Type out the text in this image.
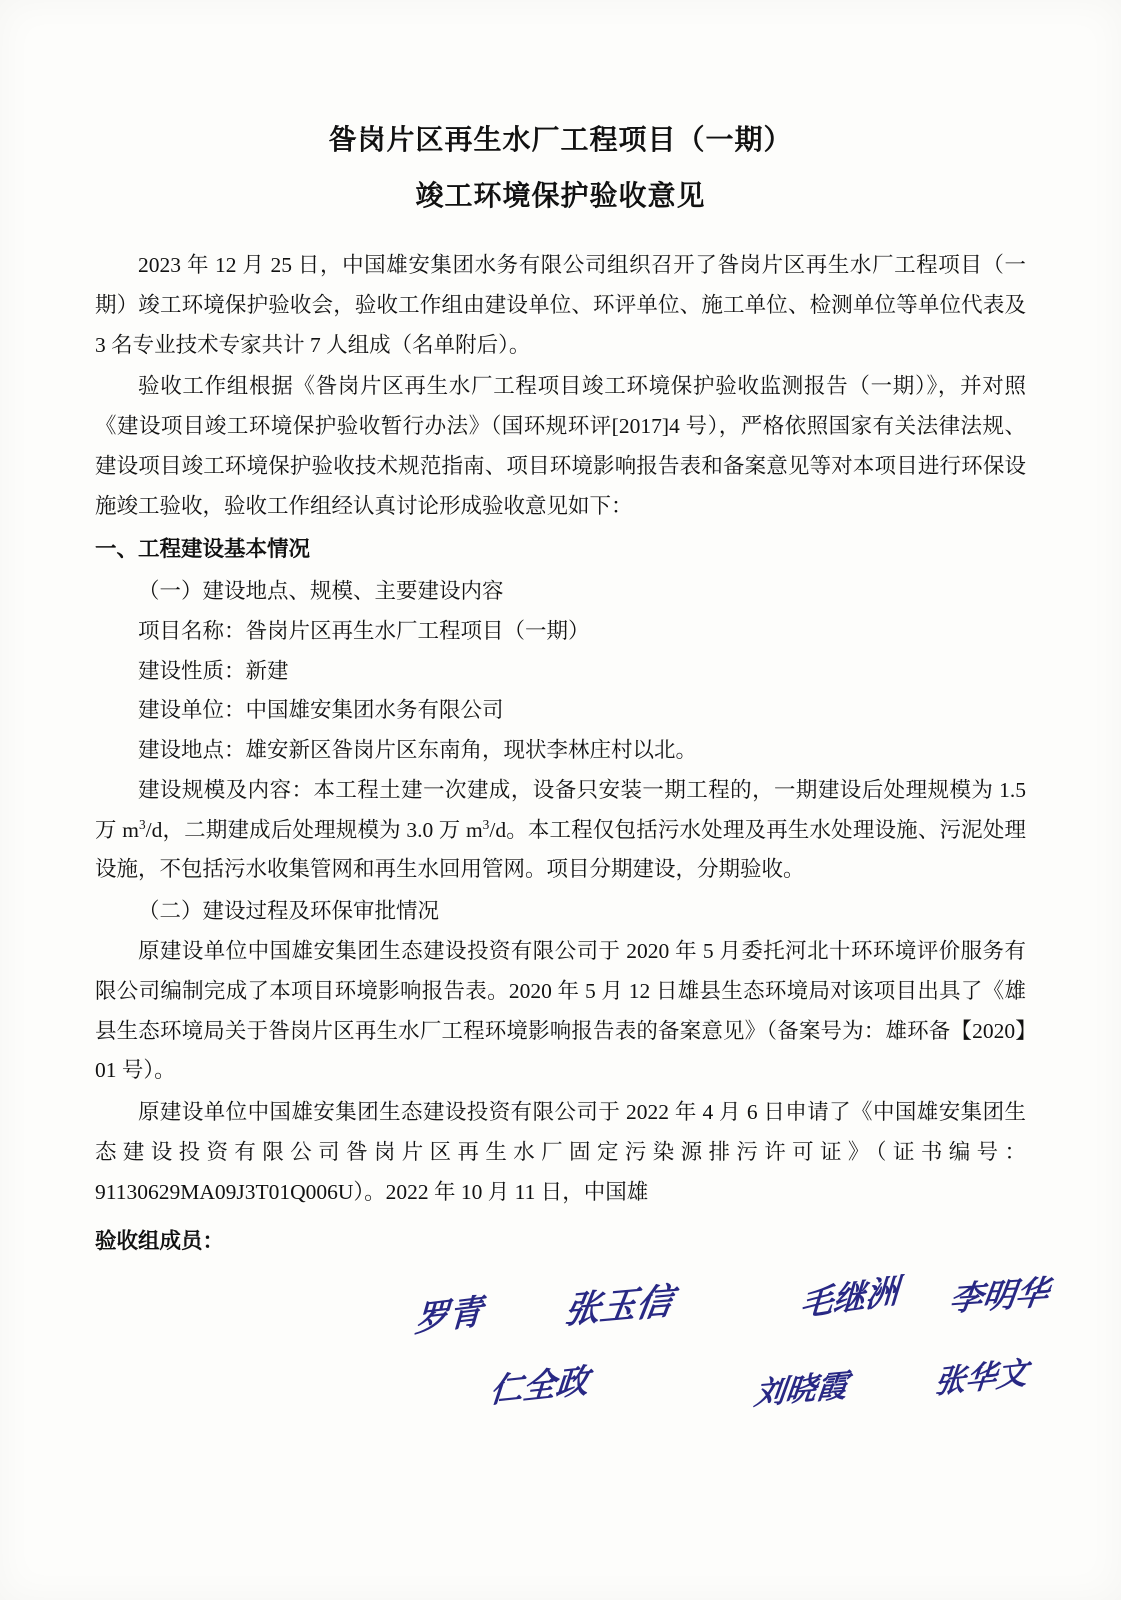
昝岗片区再生水厂工程项目（一期）
竣工环境保护验收意见

2023 年 12 月 25 日，中国雄安集团水务有限公司组织召开了昝岗片区再生水厂工程项目（一期）竣工环境保护验收会，验收工作组由建设单位、环评单位、施工单位、检测单位等单位代表及 3 名专业技术专家共计 7 人组成（名单附后）。

验收工作组根据《昝岗片区再生水厂工程项目竣工环境保护验收监测报告（一期）》，并对照《建设项目竣工环境保护验收暂行办法》（国环规环评[2017]4 号），严格依照国家有关法律法规、建设项目竣工环境保护验收技术规范指南、项目环境影响报告表和备案意见等对本项目进行环保设施竣工验收，验收工作组经认真讨论形成验收意见如下：

一、工程建设基本情况

（一）建设地点、规模、主要建设内容

项目名称：昝岗片区再生水厂工程项目（一期）

建设性质：新建

建设单位：中国雄安集团水务有限公司

建设地点：雄安新区昝岗片区东南角，现状李林庄村以北。

建设规模及内容：本工程土建一次建成，设备只安装一期工程的，一期建设后处理规模为 1.5 万 $m^3/d$，二期建成后处理规模为 3.0 万 $m^3/d$。本工程仅包括污水处理及再生水处理设施、污泥处理设施，不包括污水收集管网和再生水回用管网。项目分期建设，分期验收。

（二）建设过程及环保审批情况

原建设单位中国雄安集团生态建设投资有限公司于 2020 年 5 月委托河北十环环境评价服务有限公司编制完成了本项目环境影响报告表。2020 年 5 月 12 日雄县生态环境局对该项目出具了《雄县生态环境局关于昝岗片区再生水厂工程环境影响报告表的备案意见》（备案号为：雄环备【2020】01 号）。

原建设单位中国雄安集团生态建设投资有限公司于 2022 年 4 月 6 日申请了《中国雄安集团生态建设投资有限公司昝岗片区再生水厂固定污染源排污许可证》（证书编号：91130629MA09J3T01Q006U）。2022 年 10 月 11 日，中国雄

验收组成员：

罗青 张玉信	毛继洲 李明华
仁全政	刘晓霞	张华文
